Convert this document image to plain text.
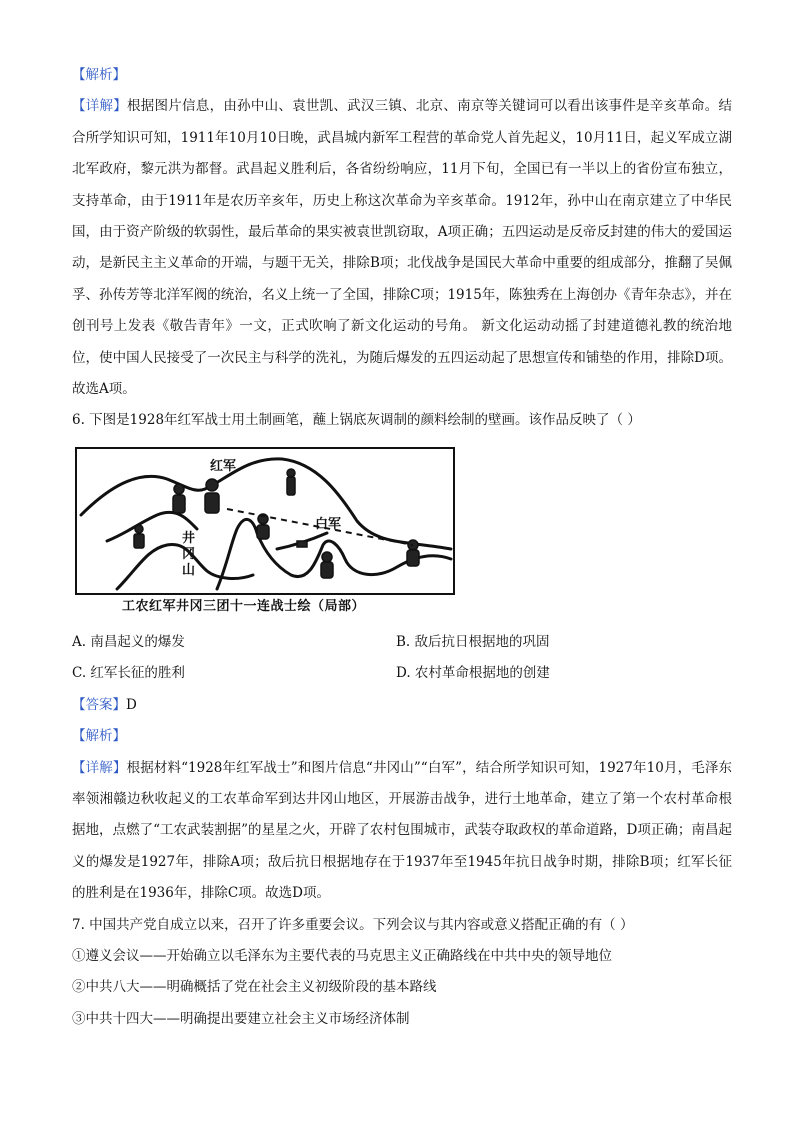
【解析】

【详解】根据图片信息，由孙中山、袁世凯、武汉三镇、北京、南京等关键词可以看出该事件是辛亥革命。结合所学知识可知，1911年10月10日晚，武昌城内新军工程营的革命党人首先起义，10月11日，起义军成立湖北军政府，黎元洪为都督。武昌起义胜利后，各省纷纷响应，11月下旬，全国已有一半以上的省份宣布独立，支持革命，由于1911年是农历辛亥年，历史上称这次革命为辛亥革命。1912年，孙中山在南京建立了中华民国，由于资产阶级的软弱性，最后革命的果实被袁世凯窃取，A项正确；五四运动是反帝反封建的伟大的爱国运动，是新民主主义革命的开端，与题干无关，排除B项；北伐战争是国民大革命中重要的组成部分，推翻了吴佩孚、孙传芳等北洋军阀的统治，名义上统一了全国，排除C项；1915年，陈独秀在上海创办《青年杂志》，并在创刊号上发表《敬告青年》一文，正式吹响了新文化运动的号角。 新文化运动动摇了封建道德礼教的统治地位，使中国人民接受了一次民主与科学的洗礼，为随后爆发的五四运动起了思想宣传和铺垫的作用，排除D项。故选A项。

6. 下图是1928年红军战士用土制画笔，蘸上锅底灰调制的颜料绘制的壁画。该作品反映了（ ）

红军
白军
井
冈
山
工农红军井冈三团十一连战士绘（局部）
A. 南昌起义的爆发	B. 敌后抗日根据地的巩固
C. 红军长征的胜利	D. 农村革命根据地的创建

【答案】D

【解析】

【详解】根据材料“1928年红军战士”和图片信息“井冈山”“白军”，结合所学知识可知，1927年10月，毛泽东率领湘赣边秋收起义的工农革命军到达井冈山地区，开展游击战争，进行土地革命，建立了第一个农村革命根据地，点燃了“工农武装割据”的星星之火，开辟了农村包围城市，武装夺取政权的革命道路，D项正确；南昌起义的爆发是1927年，排除A项；敌后抗日根据地存在于1937年至1945年抗日战争时期，排除B项；红军长征的胜利是在1936年，排除C项。故选D项。

7. 中国共产党自成立以来，召开了许多重要会议。下列会议与其内容或意义搭配正确的有（ ）

①遵义会议——开始确立以毛泽东为主要代表的马克思主义正确路线在中共中央的领导地位

②中共八大——明确概括了党在社会主义初级阶段的基本路线

③中共十四大——明确提出要建立社会主义市场经济体制
